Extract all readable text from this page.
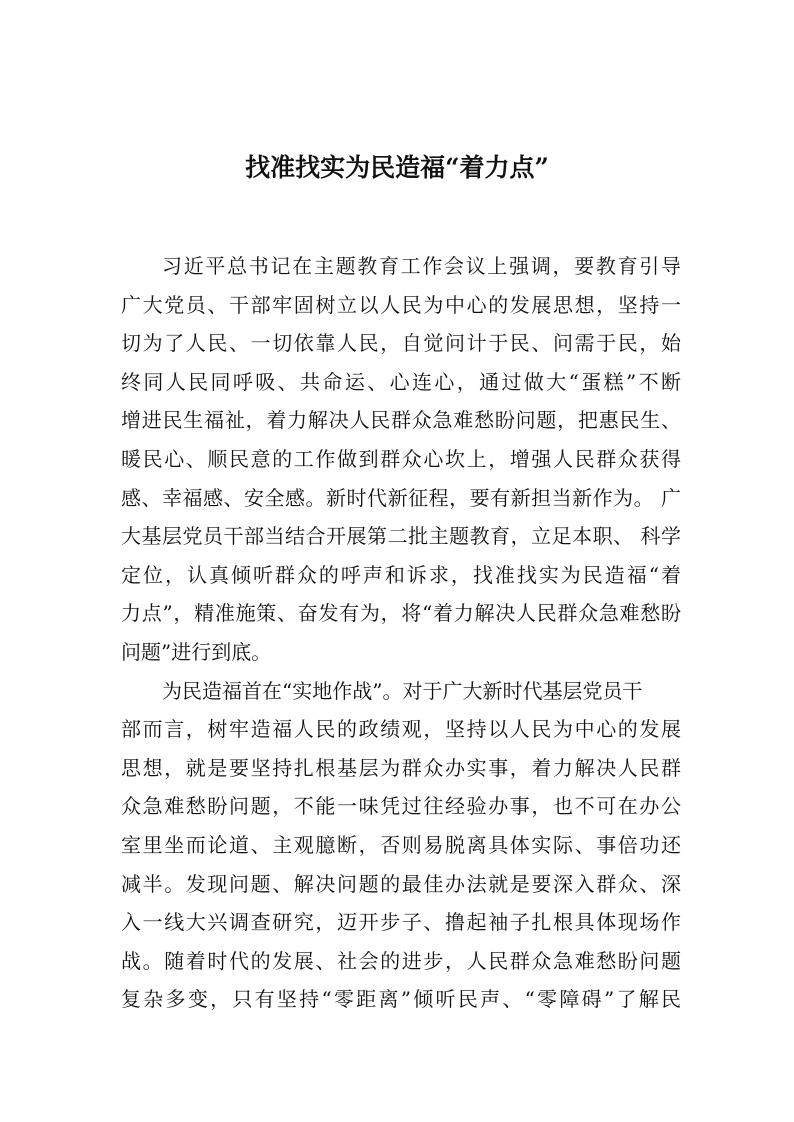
找准找实为民造福“着力点”
习近平总书记在主题教育工作会议上强调，要教育引导
广大党员、干部牢固树立以人民为中心的发展思想，坚持一
切为了人民、一切依靠人民，自觉问计于民、问需于民，始
终同人民同呼吸、共命运、心连心，通过做大“蛋糕”不断
增进民生福祉，着力解决人民群众急难愁盼问题，把惠民生、
暖民心、顺民意的工作做到群众心坎上，增强人民群众获得
感、幸福感、安全感。新时代新征程，要有新担当新作为。 广
大基层党员干部当结合开展第二批主题教育，立足本职、 科学
定位，认真倾听群众的呼声和诉求，找准找实为民造福“着
力点”，精准施策、奋发有为，将“着力解决人民群众急难愁盼
问题”进行到底。
为民造福首在“实地作战”。对于广大新时代基层党员干
部而言，树牢造福人民的政绩观，坚持以人民为中心的发展
思想，就是要坚持扎根基层为群众办实事，着力解决人民群
众急难愁盼问题，不能一味凭过往经验办事，也不可在办公
室里坐而论道、主观臆断，否则易脱离具体实际、事倍功还
减半。发现问题、解决问题的最佳办法就是要深入群众、深
入一线大兴调查研究，迈开步子、撸起袖子扎根具体现场作
战。随着时代的发展、社会的进步，人民群众急难愁盼问题
复杂多变，只有坚持“零距离”倾听民声、“零障碍”了解民
